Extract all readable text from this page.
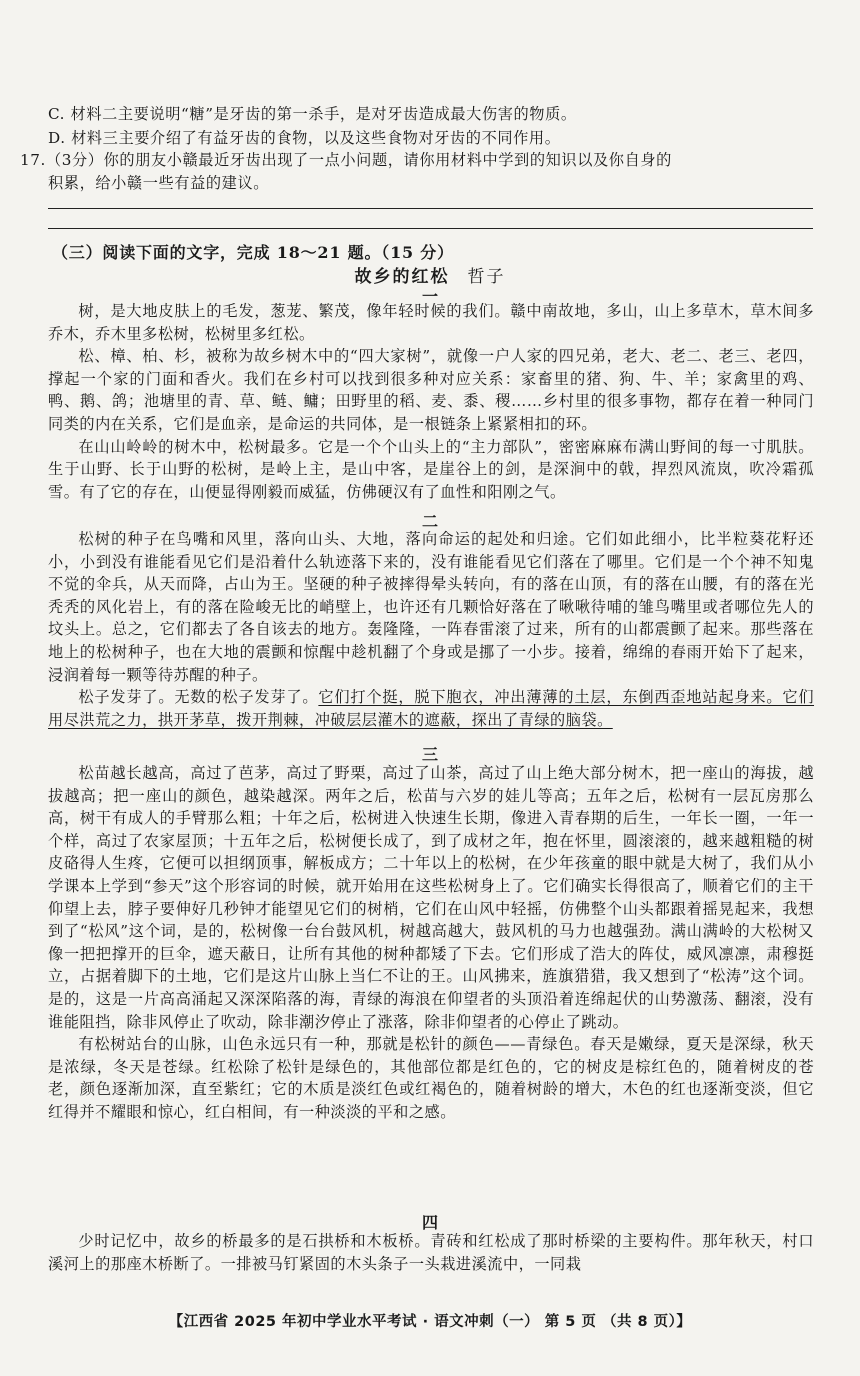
C. 材料二主要说明“糖”是牙齿的第一杀手，是对牙齿造成最大伤害的物质。
D. 材料三主要介绍了有益牙齿的食物，以及这些食物对牙齿的不同作用。
17.（3分）你的朋友小赣最近牙齿出现了一点小问题，请你用材料中学到的知识以及你自身的
积累，给小赣一些有益的建议。
（三）阅读下面的文字，完成 18～21 题。（15 分）
故乡的红松 哲子
一

树，是大地皮肤上的毛发，葱茏、繁茂，像年轻时候的我们。赣中南故地，多山，山上多草木，草木间多乔木，乔木里多松树，松树里多红松。

松、樟、柏、杉，被称为故乡树木中的“四大家树”，就像一户人家的四兄弟，老大、老二、老三、老四，撑起一个家的门面和香火。我们在乡村可以找到很多种对应关系：家畜里的猪、狗、牛、羊；家禽里的鸡、鸭、鹅、鸽；池塘里的青、草、鲢、鳙；田野里的稻、麦、黍、稷……乡村里的很多事物，都存在着一种同门同类的内在关系，它们是血亲，是命运的共同体，是一根链条上紧紧相扣的环。

在山山岭岭的树木中，松树最多。它是一个个山头上的“主力部队”，密密麻麻布满山野间的每一寸肌肤。生于山野、长于山野的松树，是岭上主，是山中客，是崖谷上的剑，是深涧中的戟，捍烈风流岚，吹冷霜孤雪。有了它的存在，山便显得刚毅而威猛，仿佛硬汉有了血性和阳刚之气。

二

松树的种子在鸟嘴和风里，落向山头、大地，落向命运的起处和归途。它们如此细小，比半粒葵花籽还小，小到没有谁能看见它们是沿着什么轨迹落下来的，没有谁能看见它们落在了哪里。它们是一个个神不知鬼不觉的伞兵，从天而降，占山为王。坚硬的种子被摔得晕头转向，有的落在山顶，有的落在山腰，有的落在光秃秃的风化岩上，有的落在险峻无比的峭壁上，也许还有几颗恰好落在了啾啾待哺的雏鸟嘴里或者哪位先人的坟头上。总之，它们都去了各自该去的地方。轰隆隆，一阵春雷滚了过来，所有的山都震颤了起来。那些落在地上的松树种子，也在大地的震颤和惊醒中趁机翻了个身或是挪了一小步。接着，绵绵的春雨开始下了起来，浸润着每一颗等待苏醒的种子。

松子发芽了。无数的松子发芽了。它们打个挺，脱下胞衣，冲出薄薄的土层，东倒西歪地站起身来。它们用尽洪荒之力，拱开茅草，拨开荆棘，冲破层层灌木的遮蔽，探出了青绿的脑袋。

三

松苗越长越高，高过了芭茅，高过了野栗，高过了山茶，高过了山上绝大部分树木，把一座山的海拔，越拔越高；把一座山的颜色，越染越深。两年之后，松苗与六岁的娃儿等高；五年之后，松树有一层瓦房那么高，树干有成人的手臂那么粗；十年之后，松树进入快速生长期，像进入青春期的后生，一年长一圈，一年一个样，高过了农家屋顶；十五年之后，松树便长成了，到了成材之年，抱在怀里，圆滚滚的，越来越粗糙的树皮硌得人生疼，它便可以担纲顶事，解板成方；二十年以上的松树，在少年孩童的眼中就是大树了，我们从小学课本上学到“参天”这个形容词的时候，就开始用在这些松树身上了。它们确实长得很高了，顺着它们的主干仰望上去，脖子要伸好几秒钟才能望见它们的树梢，它们在山风中轻摇，仿佛整个山头都跟着摇晃起来，我想到了“松风”这个词，是的，松树像一台台鼓风机，树越高越大，鼓风机的马力也越强劲。满山满岭的大松树又像一把把撑开的巨伞，遮天蔽日，让所有其他的树种都矮了下去。它们形成了浩大的阵仗，威风凛凛，肃穆挺立，占据着脚下的土地，它们是这片山脉上当仁不让的王。山风拂来，旌旗猎猎，我又想到了“松涛”这个词。是的，这是一片高高涌起又深深陷落的海，青绿的海浪在仰望者的头顶沿着连绵起伏的山势激荡、翻滚，没有谁能阻挡，除非风停止了吹动，除非潮汐停止了涨落，除非仰望者的心停止了跳动。

有松树站台的山脉，山色永远只有一种，那就是松针的颜色——青绿色。春天是嫩绿，夏天是深绿，秋天是浓绿，冬天是苍绿。红松除了松针是绿色的，其他部位都是红色的，它的树皮是棕红色的，随着树皮的苍老，颜色逐渐加深，直至紫红；它的木质是淡红色或红褐色的，随着树龄的增大，木色的红也逐渐变淡，但它红得并不耀眼和惊心，红白相间，有一种淡淡的平和之感。

四

少时记忆中，故乡的桥最多的是石拱桥和木板桥。青砖和红松成了那时桥梁的主要构件。那年秋天，村口溪河上的那座木桥断了。一排被马钉紧固的木头条子一头栽进溪流中，一同栽

【江西省 2025 年初中学业水平考试 · 语文冲刺（一） 第 5 页 （共 8 页）】
